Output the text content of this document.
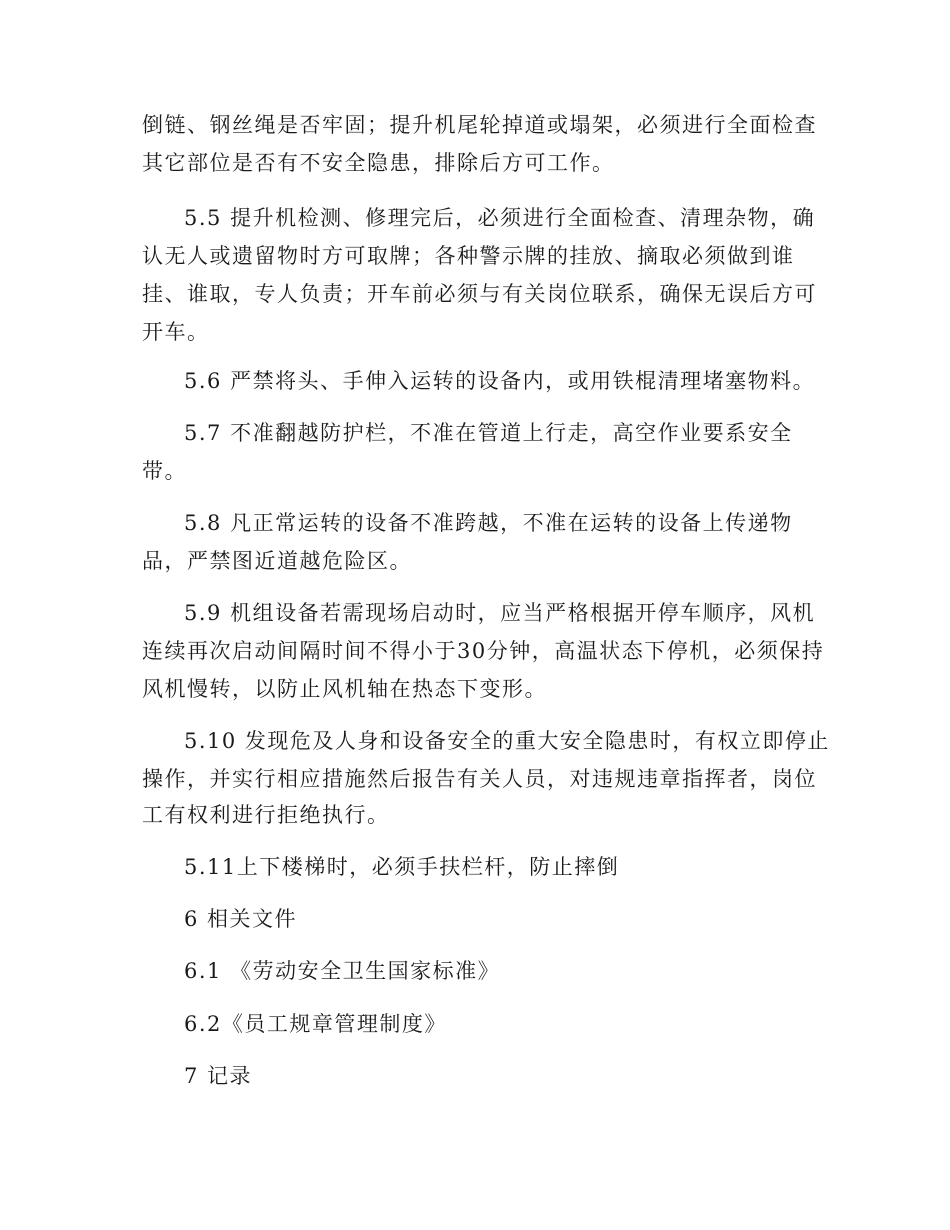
倒链、钢丝绳是否牢固；提升机尾轮掉道或塌架，必须进行全面检查
其它部位是否有不安全隐患，排除后方可工作。
5.5 提升机检测、修理完后，必须进行全面检查、清理杂物，确
认无人或遗留物时方可取牌；各种警示牌的挂放、摘取必须做到谁
挂、谁取，专人负责；开车前必须与有关岗位联系，确保无误后方可
开车。
5.6 严禁将头、手伸入运转的设备内，或用铁棍清理堵塞物料。
5.7 不准翻越防护栏，不准在管道上行走，高空作业要系安全
带。
5.8 凡正常运转的设备不准跨越，不准在运转的设备上传递物
品，严禁图近道越危险区。
5.9 机组设备若需现场启动时，应当严格根据开停车顺序，风机
连续再次启动间隔时间不得小于30分钟，高温状态下停机，必须保持
风机慢转，以防止风机轴在热态下变形。
5.10 发现危及人身和设备安全的重大安全隐患时，有权立即停止
操作，并实行相应措施然后报告有关人员，对违规违章指挥者，岗位
工有权利进行拒绝执行。
5.11上下楼梯时，必须手扶栏杆，防止摔倒
6 相关文件
6.1 《劳动安全卫生国家标准》
6.2《员工规章管理制度》
7 记录
